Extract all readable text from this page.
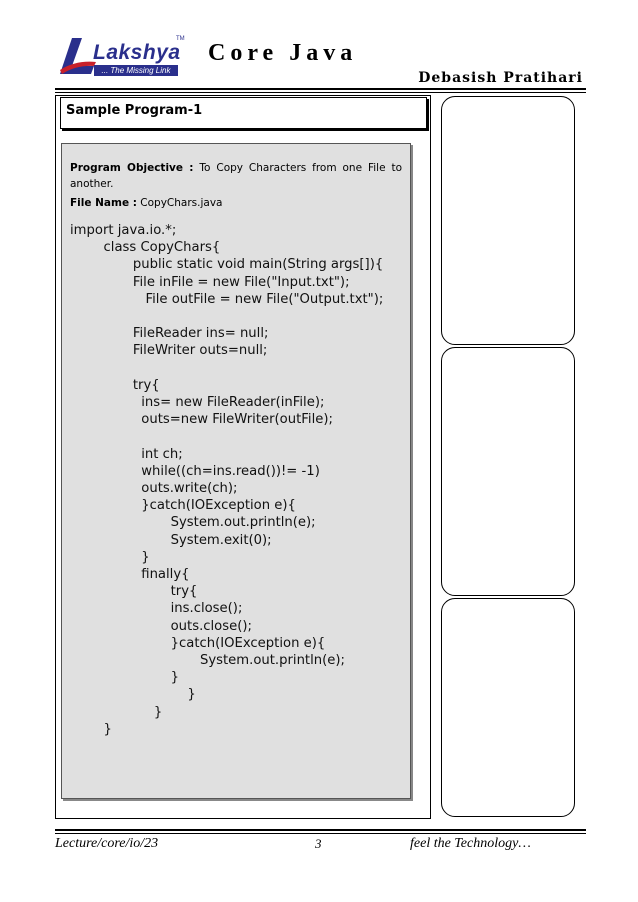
Lakshya
TM
... The Missing Link
Core Java
Debasish Pratihari
Sample Program-1
Program Objective : To Copy Characters from one File to another.
File Name : CopyChars.java
import java.io.*;
class CopyChars{
public static void main(String args[]){
File inFile = new File("Input.txt");
File outFile = new File("Output.txt");

FileReader ins= null;
FileWriter outs=null;

try{
ins= new FileReader(inFile);
outs=new FileWriter(outFile);

int ch;
while((ch=ins.read())!= -1)
outs.write(ch);
}catch(IOException e){
System.out.println(e);
System.exit(0);
}
finally{
try{
ins.close();
outs.close();
}catch(IOException e){
System.out.println(e);
}
}
}
}
Lecture/core/io/23	3	feel the Technology…
